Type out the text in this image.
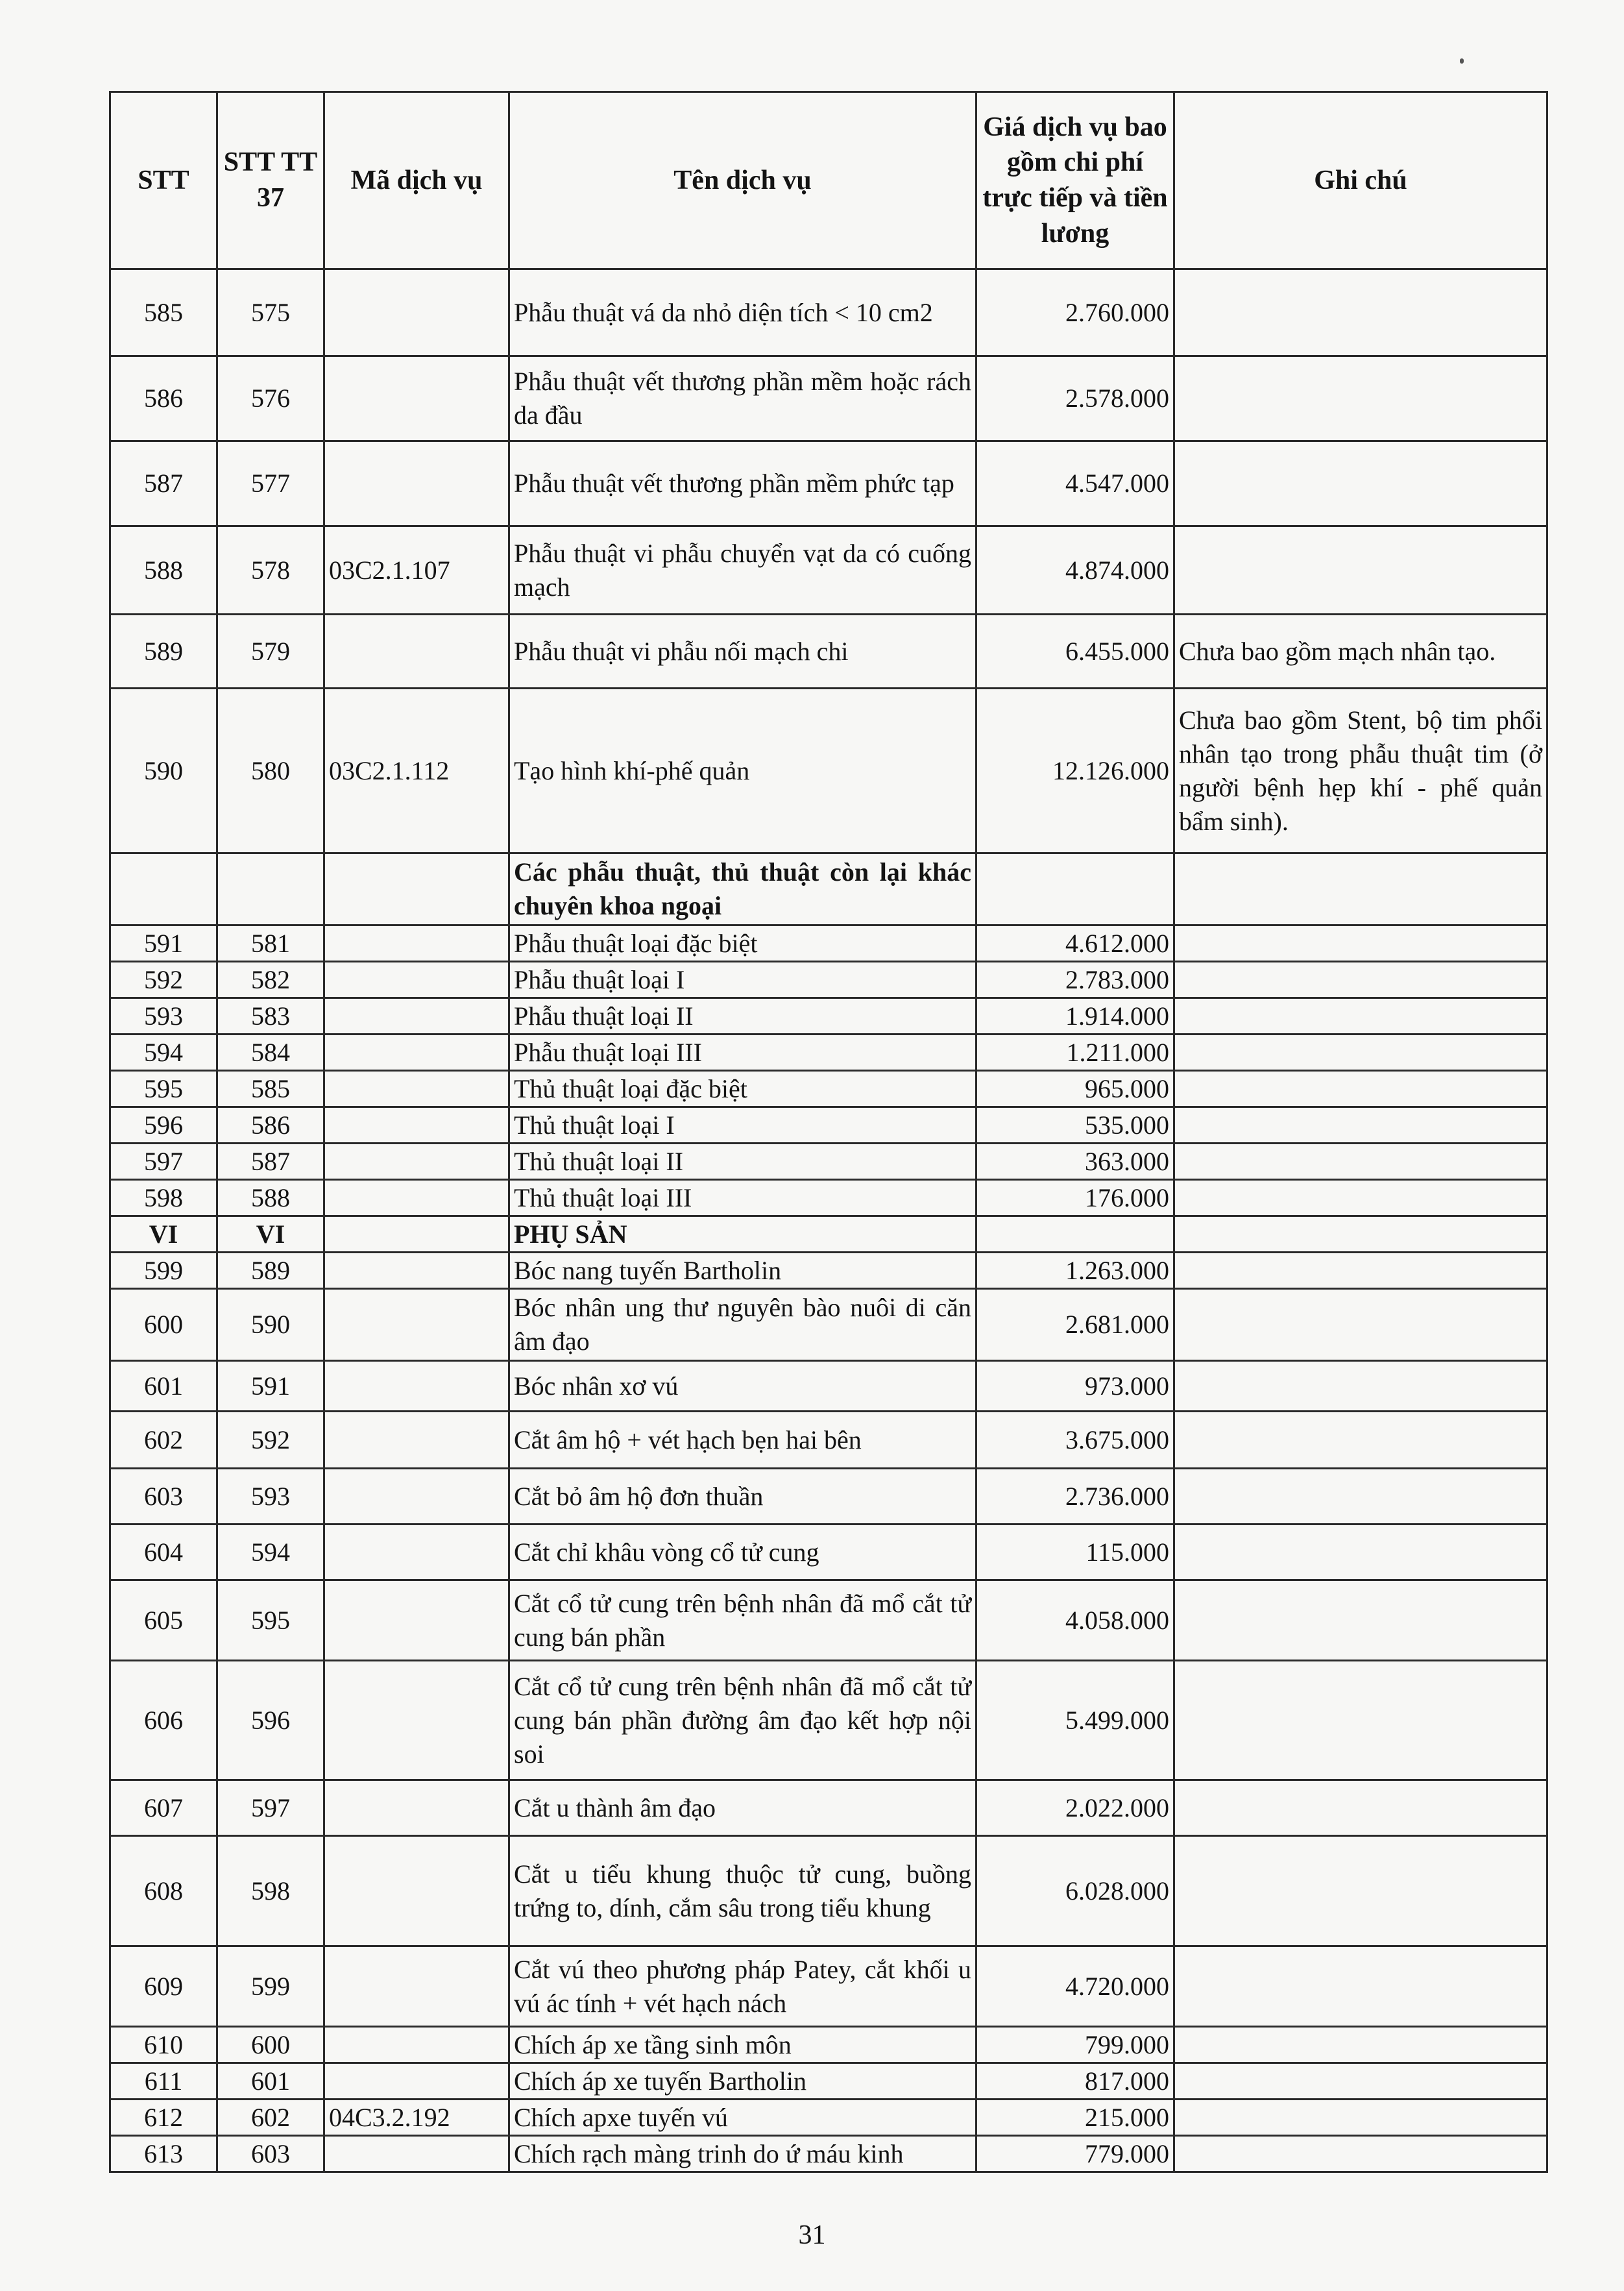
STT	STT TT 37	Mã dịch vụ	Tên dịch vụ	Giá dịch vụ bao gồm chi phí trực tiếp và tiền lương	Ghi chú
585	575		Phẫu thuật vá da nhỏ diện tích < 10 cm2	2.760.000	
586	576		Phẫu thuật vết thương phần mềm hoặc rách da đầu	2.578.000	
587	577		Phẫu thuật vết thương phần mềm phức tạp	4.547.000	
588	578	03C2.1.107	Phẫu thuật vi phẫu chuyển vạt da có cuống mạch	4.874.000	
589	579		Phẫu thuật vi phẫu nối mạch chi	6.455.000	Chưa bao gồm mạch nhân tạo.
590	580	03C2.1.112	Tạo hình khí-phế quản	12.126.000	Chưa bao gồm Stent, bộ tim phổi nhân tạo trong phẫu thuật tim (ở người bệnh hẹp khí - phế quản bẩm sinh).
			Các phẫu thuật, thủ thuật còn lại khác chuyên khoa ngoại		
591	581		Phẫu thuật loại đặc biệt	4.612.000	
592	582		Phẫu thuật loại I	2.783.000	
593	583		Phẫu thuật loại II	1.914.000	
594	584		Phẫu thuật loại III	1.211.000	
595	585		Thủ thuật loại đặc biệt	965.000	
596	586		Thủ thuật loại I	535.000	
597	587		Thủ thuật loại II	363.000	
598	588		Thủ thuật loại III	176.000	
VI	VI		PHỤ SẢN		
599	589		Bóc nang tuyến Bartholin	1.263.000	
600	590		Bóc nhân ung thư nguyên bào nuôi di căn âm đạo	2.681.000	
601	591		Bóc nhân xơ vú	973.000	
602	592		Cắt âm hộ + vét hạch bẹn hai bên	3.675.000	
603	593		Cắt bỏ âm hộ đơn thuần	2.736.000	
604	594		Cắt chỉ khâu vòng cổ tử cung	115.000	
605	595		Cắt cổ tử cung trên bệnh nhân đã mổ cắt tử cung bán phần	4.058.000	
606	596		Cắt cổ tử cung trên bệnh nhân đã mổ cắt tử cung bán phần đường âm đạo kết hợp nội soi	5.499.000	
607	597		Cắt u thành âm đạo	2.022.000	
608	598		Cắt u tiểu khung thuộc tử cung, buồng trứng to, dính, cắm sâu trong tiểu khung	6.028.000	
609	599		Cắt vú theo phương pháp Patey, cắt khối u vú ác tính + vét hạch nách	4.720.000	
610	600		Chích áp xe tầng sinh môn	799.000	
611	601		Chích áp xe tuyến Bartholin	817.000	
612	602	04C3.2.192	Chích apxe tuyến vú	215.000	
613	603		Chích rạch màng trinh do ứ máu kinh	779.000	
31
